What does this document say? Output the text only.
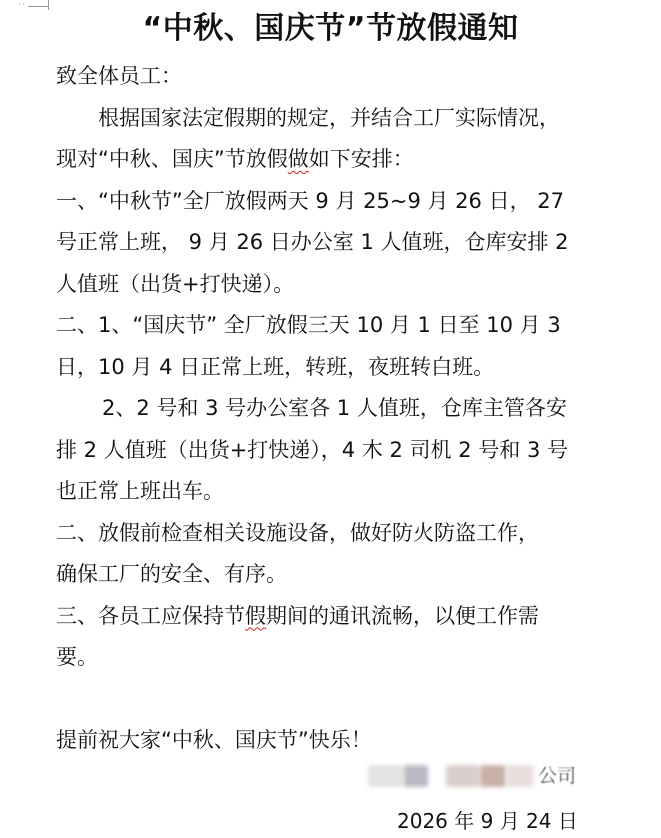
··
“中秋、国庆节”节放假通知
致全体员工：
根据国家法定假期的规定，并结合工厂实际情况，
现对“中秋、国庆”节放假做如下安排：
一、“中秋节”全厂放假两天 9 月 25~9 月 26 日， 27
号正常上班， 9 月 26 日办公室 1 人值班，仓库安排 2
人值班（出货+打快递）。
二、1、“国庆节” 全厂放假三天 10 月 1 日至 10 月 3
日，10 月 4 日正常上班，转班，夜班转白班。
2、2 号和 3 号办公室各 1 人值班，仓库主管各安
排 2 人值班（出货+打快递），4 木 2 司机 2 号和 3 号
也正常上班出车。
二、放假前检查相关设施设备，做好防火防盗工作，
确保工厂的安全、有序。
三、各员工应保持节假期间的通讯流畅，以便工作需
要。
提前祝大家“中秋、国庆节”快乐！
公司
2026 年 9 月 24 日
